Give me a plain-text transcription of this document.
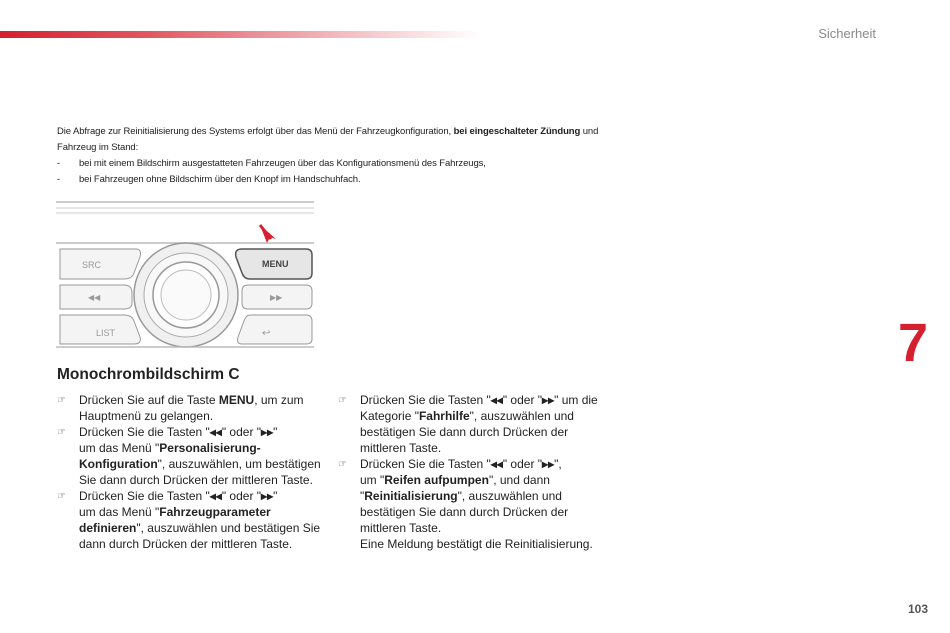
Sicherheit
Die Abfrage zur Reinitialisierung des Systems erfolgt über das Menü der Fahrzeugkonfiguration, bei eingeschalteter Zündung und Fahrzeug im Stand:
-	bei mit einem Bildschirm ausgestatteten Fahrzeugen über das Konfigurationsmenü des Fahrzeugs,
-	bei Fahrzeugen ohne Bildschirm über den Knopf im Handschuhfach.
SRC
◀◀
LIST
MENU
▶▶
↩
Monochrombildschirm C
☞	Drücken Sie auf die Taste MENU, um zum Hauptmenü zu gelangen.
☞	Drücken Sie die Tasten "◂◂" oder "▸▸"
um das Menü "Personalisierung-Konfiguration", auszuwählen, um bestätigen Sie dann durch Drücken der mittleren Taste.
☞	Drücken Sie die Tasten "◂◂" oder "▸▸"
um das Menü "Fahrzeugparameter definieren", auszuwählen und bestätigen Sie dann durch Drücken der mittleren Taste.
☞	Drücken Sie die Tasten "◂◂" oder "▸▸" um die Kategorie "Fahrhilfe", auszuwählen und bestätigen Sie dann durch Drücken der mittleren Taste.
☞	Drücken Sie die Tasten "◂◂" oder "▸▸",
um "Reifen aufpumpen", und dann "Reinitialisierung", auszuwählen und bestätigen Sie dann durch Drücken der mittleren Taste.
Eine Meldung bestätigt die Reinitialisierung.
7
103
